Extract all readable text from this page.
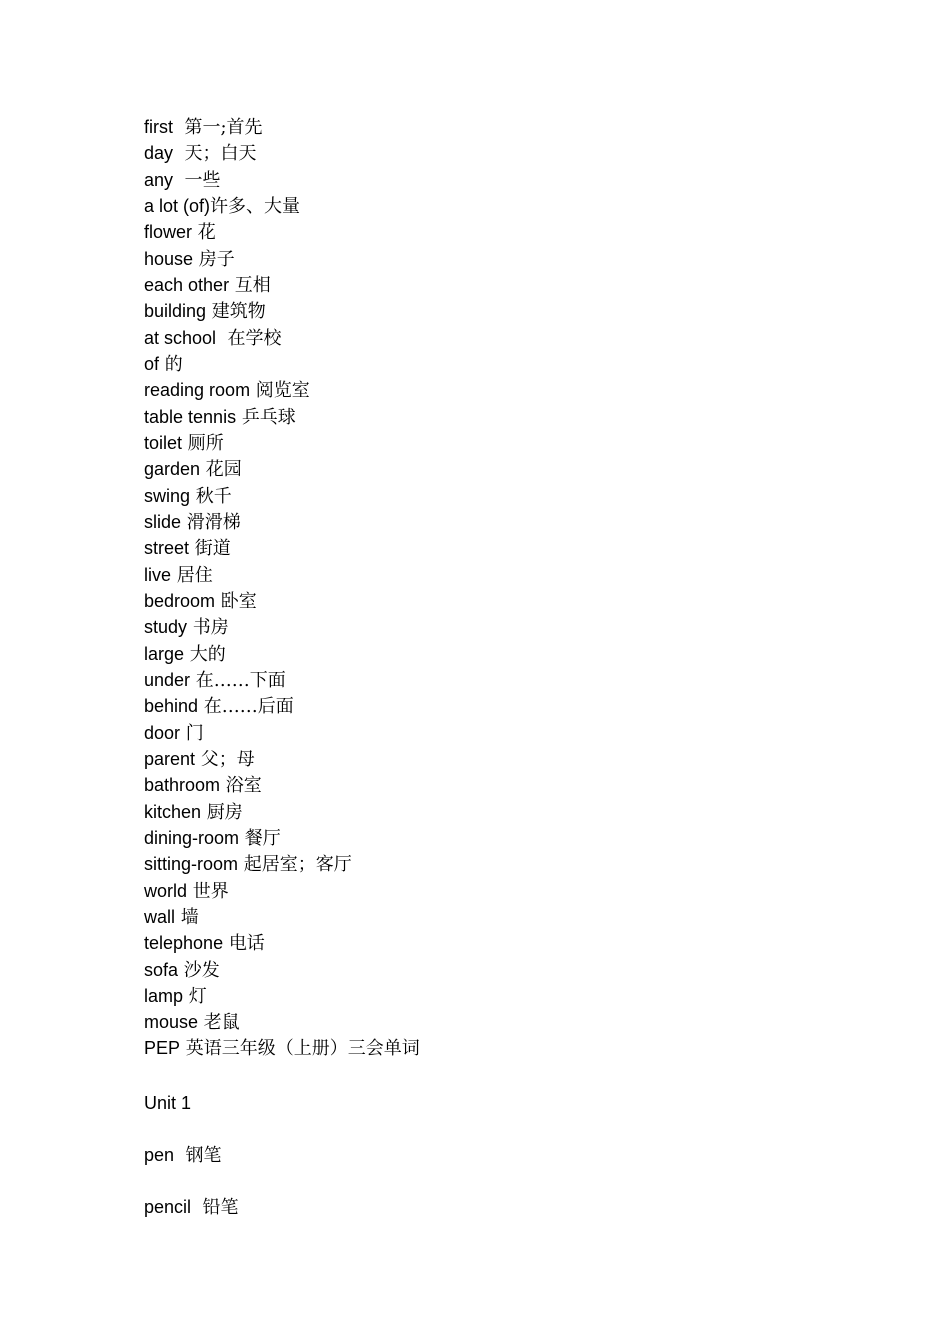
first 第一;首先
day 天；白天
any 一些
a lot (of)许多、大量
flower 花
house 房子
each other 互相
building 建筑物
at school 在学校
of 的
reading room 阅览室
table tennis 乒乓球
toilet 厕所
garden 花园
swing 秋千
slide 滑滑梯
street 街道
live 居住
bedroom 卧室
study 书房
large 大的
under 在……下面
behind 在……后面
door 门
parent 父；母
bathroom 浴室
kitchen 厨房
dining-room 餐厅
sitting-room 起居室；客厅
world 世界
wall 墙
telephone 电话
sofa 沙发
lamp 灯
mouse 老鼠
PEP 英语三年级（上册）三会单词
Unit 1
pen 钢笔
pencil 铅笔
